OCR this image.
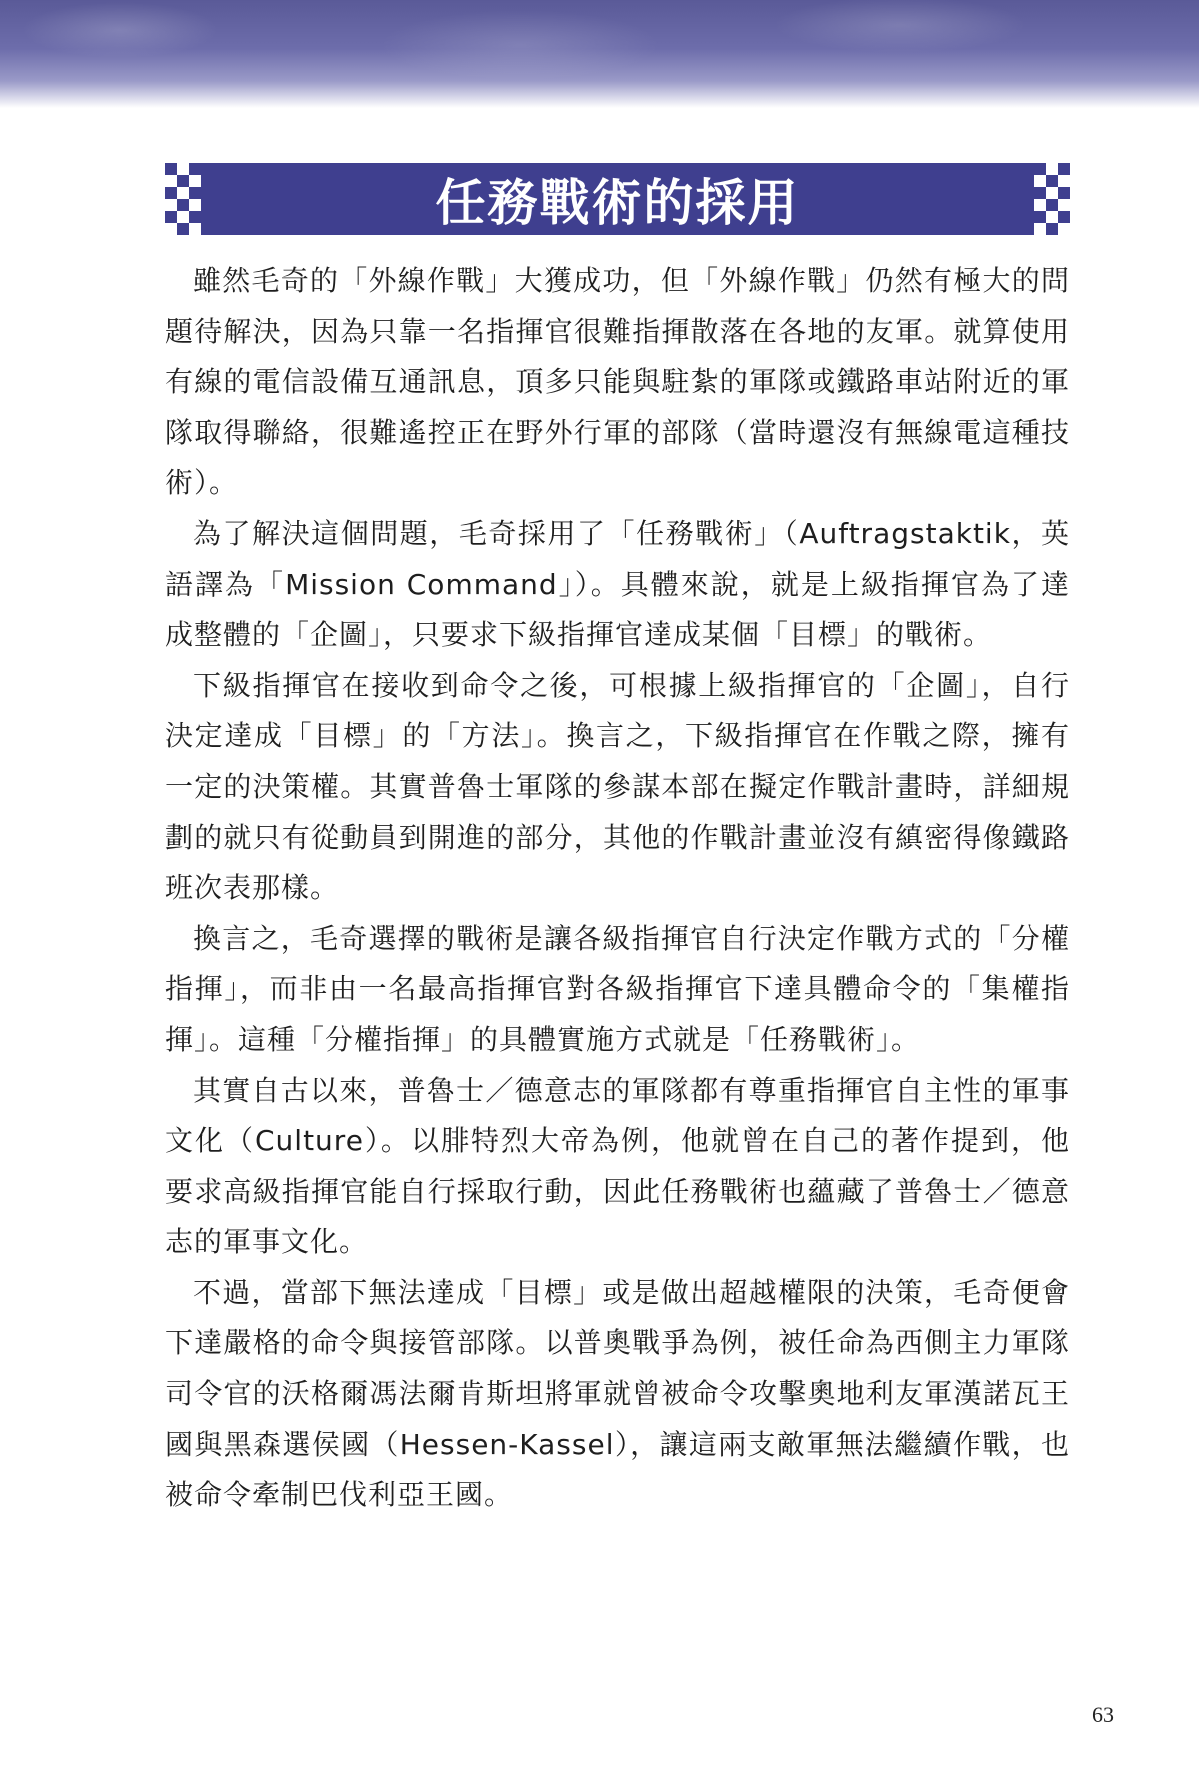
任務戰術的採用

雖然毛奇的「外線作戰」大獲成功，但「外線作戰」仍然有極大的問題待解決，因為只靠一名指揮官很難指揮散落在各地的友軍。就算使用有線的電信設備互通訊息，頂多只能與駐紮的軍隊或鐵路車站附近的軍隊取得聯絡，很難遙控正在野外行軍的部隊（當時還沒有無線電這種技術）。

為了解決這個問題，毛奇採用了「任務戰術」（Auftragstaktik，英語譯為「Mission Command」）。具體來說，就是上級指揮官為了達成整體的「企圖」，只要求下級指揮官達成某個「目標」的戰術。

下級指揮官在接收到命令之後，可根據上級指揮官的「企圖」，自行決定達成「目標」的「方法」。換言之，下級指揮官在作戰之際，擁有一定的決策權。其實普魯士軍隊的參謀本部在擬定作戰計畫時，詳細規劃的就只有從動員到開進的部分，其他的作戰計畫並沒有縝密得像鐵路班次表那樣。

換言之，毛奇選擇的戰術是讓各級指揮官自行決定作戰方式的「分權指揮」，而非由一名最高指揮官對各級指揮官下達具體命令的「集權指揮」。這種「分權指揮」的具體實施方式就是「任務戰術」。

其實自古以來，普魯士／德意志的軍隊都有尊重指揮官自主性的軍事文化（Culture）。以腓特烈大帝為例，他就曾在自己的著作提到，他要求高級指揮官能自行採取行動，因此任務戰術也蘊藏了普魯士／德意志的軍事文化。

不過，當部下無法達成「目標」或是做出超越權限的決策，毛奇便會下達嚴格的命令與接管部隊。以普奧戰爭為例，被任命為西側主力軍隊司令官的沃格爾馮法爾肯斯坦將軍就曾被命令攻擊奧地利友軍漢諾瓦王國與黑森選侯國（Hessen-Kassel），讓這兩支敵軍無法繼續作戰，也被命令牽制巴伐利亞王國。

63
